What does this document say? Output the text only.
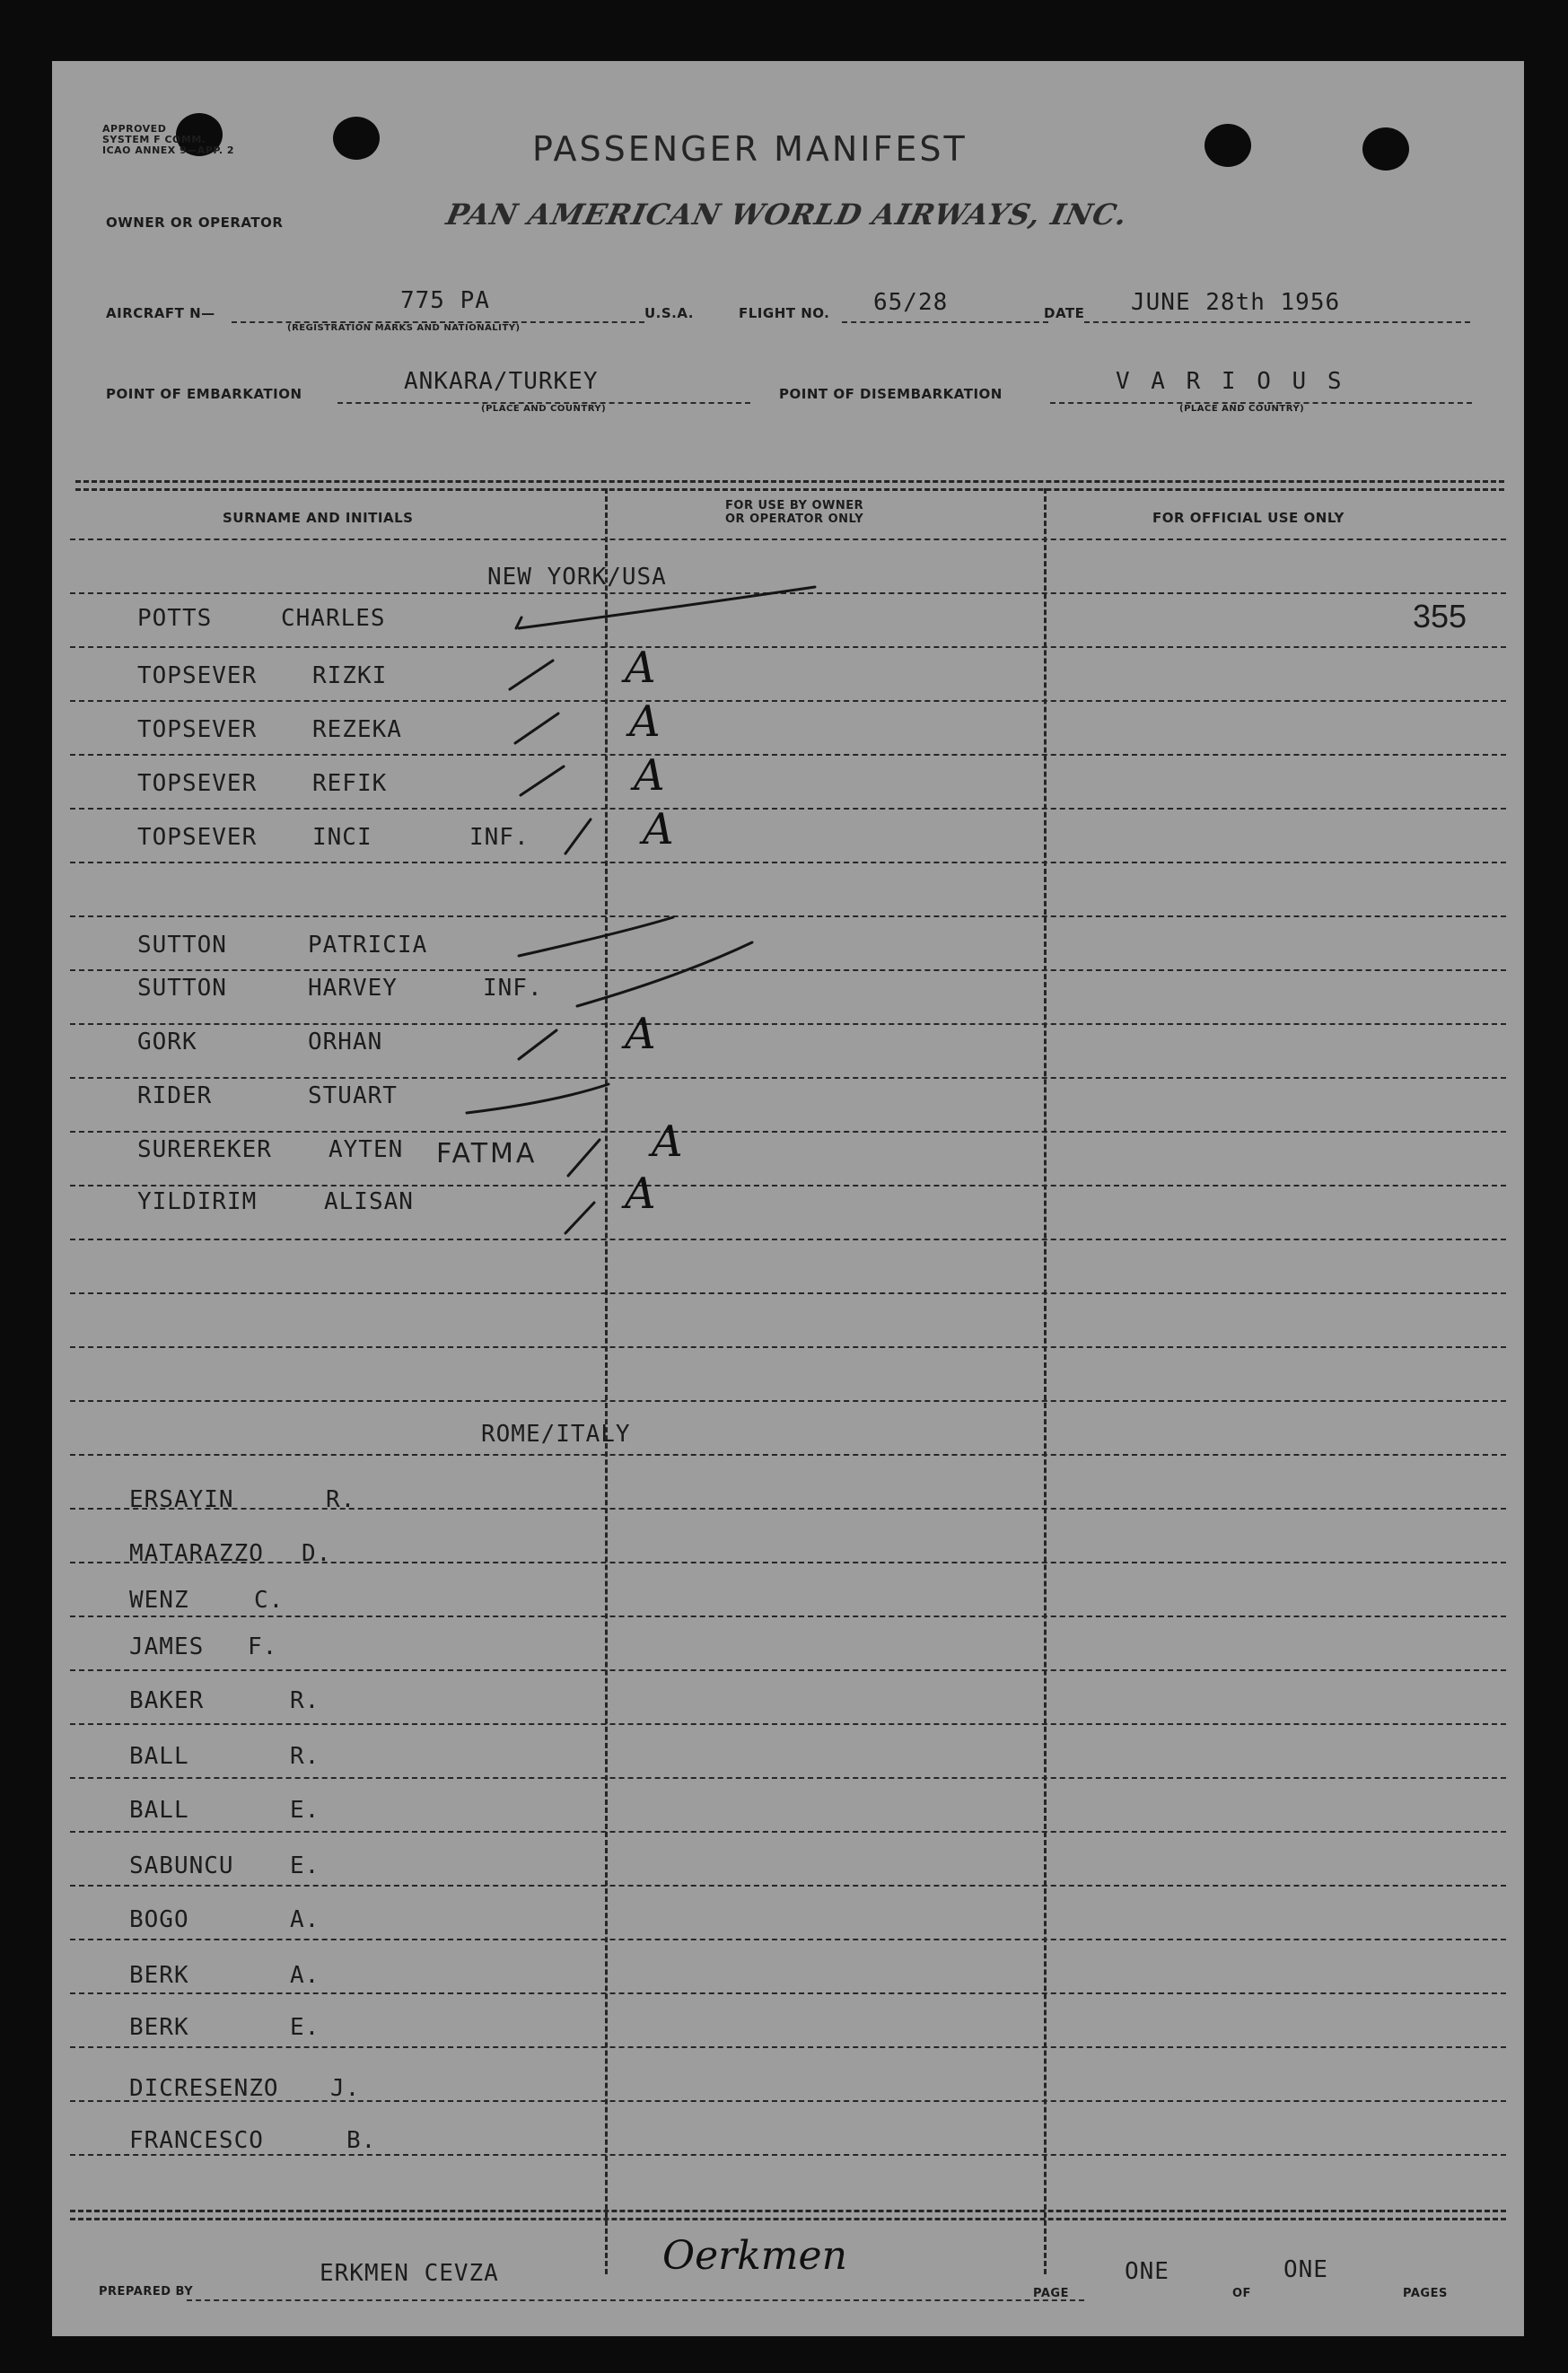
APPROVED
SYSTEM F COMM.
ICAO ANNEX 9—APP. 2	PASSENGER MANIFEST
OWNER OR OPERATOR	PAN AMERICAN WORLD AIRWAYS, INC.
AIRCRAFT N—	775 PA
(REGISTRATION MARKS AND NATIONALITY)
U.S.A.	FLIGHT NO. 65/28	DATE JUNE 28th 1956
POINT OF EMBARKATION	ANKARA/TURKEY
(PLACE AND COUNTRY)
POINT OF DISEMBARKATION	V A R I O U S
(PLACE AND COUNTRY)
SURNAME AND INITIALS
FOR USE BY OWNER
OR OPERATOR ONLY	FOR OFFICIAL USE ONLY
NEW YORK/USA
POTTS	CHARLES	355
TOPSEVER RIZKI	A
TOPSEVER REZEKA	A
TOPSEVER REFIK	A
TOPSEVER INCI	INF.	A
SUTTON	PATRICIA
SUTTON	HARVEY	INF.
GORK	ORHAN	A
RIDER	STUART
SUREREKER AYTEN FATMA	A
YILDIRIM	ALISAN	A
ROME/ITALY
ERSAYIN	R.
MATARAZZO D.
WENZ	C.
JAMES F.
BAKER	R.
BALL	R.
BALL	E.
SABUNCU E.
BOGO	A.
BERK	A.
BERK	E.
DICRESENZO J.
FRANCESCO	B.
Oerkmen
PREPARED BY
ERKMEN CEVZA
PAGE
ONE
OF
ONE
PAGES
